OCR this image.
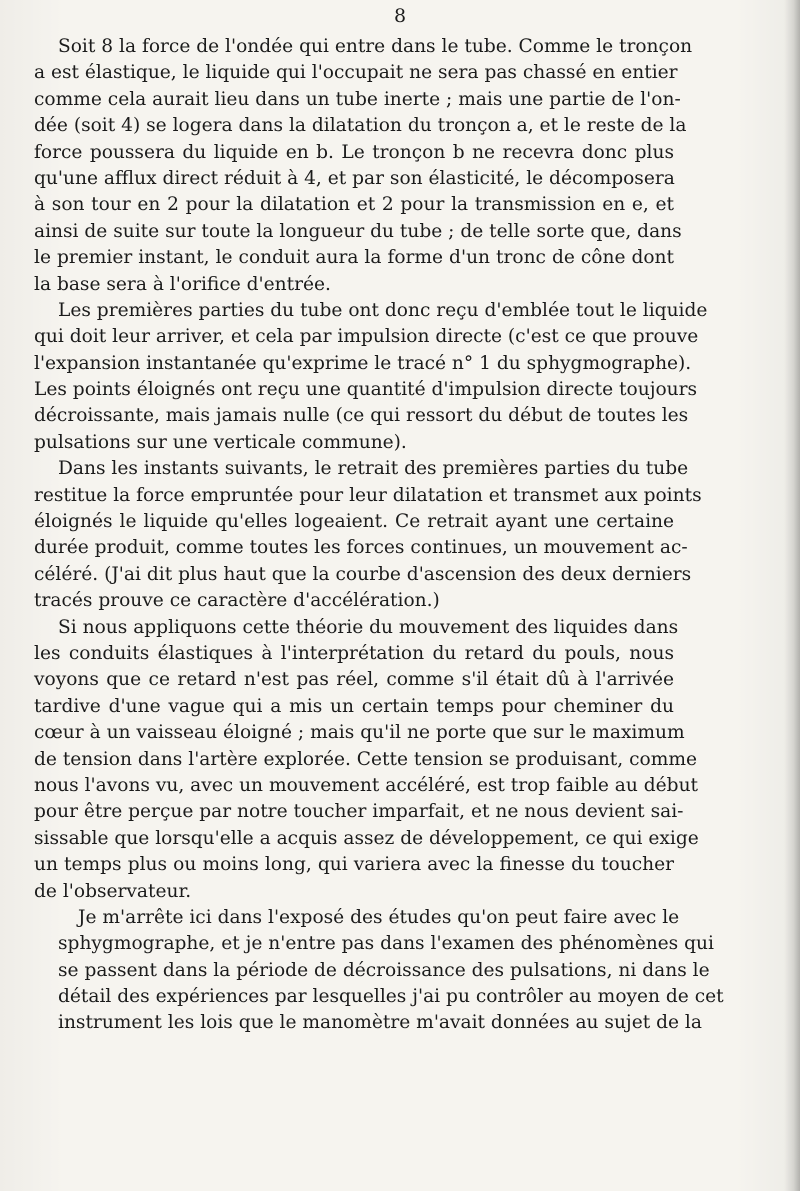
8
Soit 8 la force de l'ondée qui entre dans le tube. Comme le tronçon
a est élastique, le liquide qui l'occupait ne sera pas chassé en entier
comme cela aurait lieu dans un tube inerte ; mais une partie de l'on-
dée (soit 4) se logera dans la dilatation du tronçon a, et le reste de la
force poussera du liquide en b. Le tronçon b ne recevra donc plus
qu'une afflux direct réduit à 4, et par son élasticité, le décomposera
à son tour en 2 pour la dilatation et 2 pour la transmission en e, et
ainsi de suite sur toute la longueur du tube ; de telle sorte que, dans
le premier instant, le conduit aura la forme d'un tronc de cône dont
la base sera à l'orifice d'entrée.
Les premières parties du tube ont donc reçu d'emblée tout le liquide
qui doit leur arriver, et cela par impulsion directe (c'est ce que prouve
l'expansion instantanée qu'exprime le tracé n° 1 du sphygmographe).
Les points éloignés ont reçu une quantité d'impulsion directe toujours
décroissante, mais jamais nulle (ce qui ressort du début de toutes les
pulsations sur une verticale commune).
Dans les instants suivants, le retrait des premières parties du tube
restitue la force empruntée pour leur dilatation et transmet aux points
éloignés le liquide qu'elles logeaient. Ce retrait ayant une certaine
durée produit, comme toutes les forces continues, un mouvement ac-
céléré. (J'ai dit plus haut que la courbe d'ascension des deux derniers
tracés prouve ce caractère d'accélération.)
Si nous appliquons cette théorie du mouvement des liquides dans
les conduits élastiques à l'interprétation du retard du pouls, nous
voyons que ce retard n'est pas réel, comme s'il était dû à l'arrivée
tardive d'une vague qui a mis un certain temps pour cheminer du
cœur à un vaisseau éloigné ; mais qu'il ne porte que sur le maximum
de tension dans l'artère explorée. Cette tension se produisant, comme
nous l'avons vu, avec un mouvement accéléré, est trop faible au début
pour être perçue par notre toucher imparfait, et ne nous devient sai-
sissable que lorsqu'elle a acquis assez de développement, ce qui exige
un temps plus ou moins long, qui variera avec la finesse du toucher
de l'observateur.
Je m'arrête ici dans l'exposé des études qu'on peut faire avec le
sphygmographe, et je n'entre pas dans l'examen des phénomènes qui
se passent dans la période de décroissance des pulsations, ni dans le
détail des expériences par lesquelles j'ai pu contrôler au moyen de cet
instrument les lois que le manomètre m'avait données au sujet de la
